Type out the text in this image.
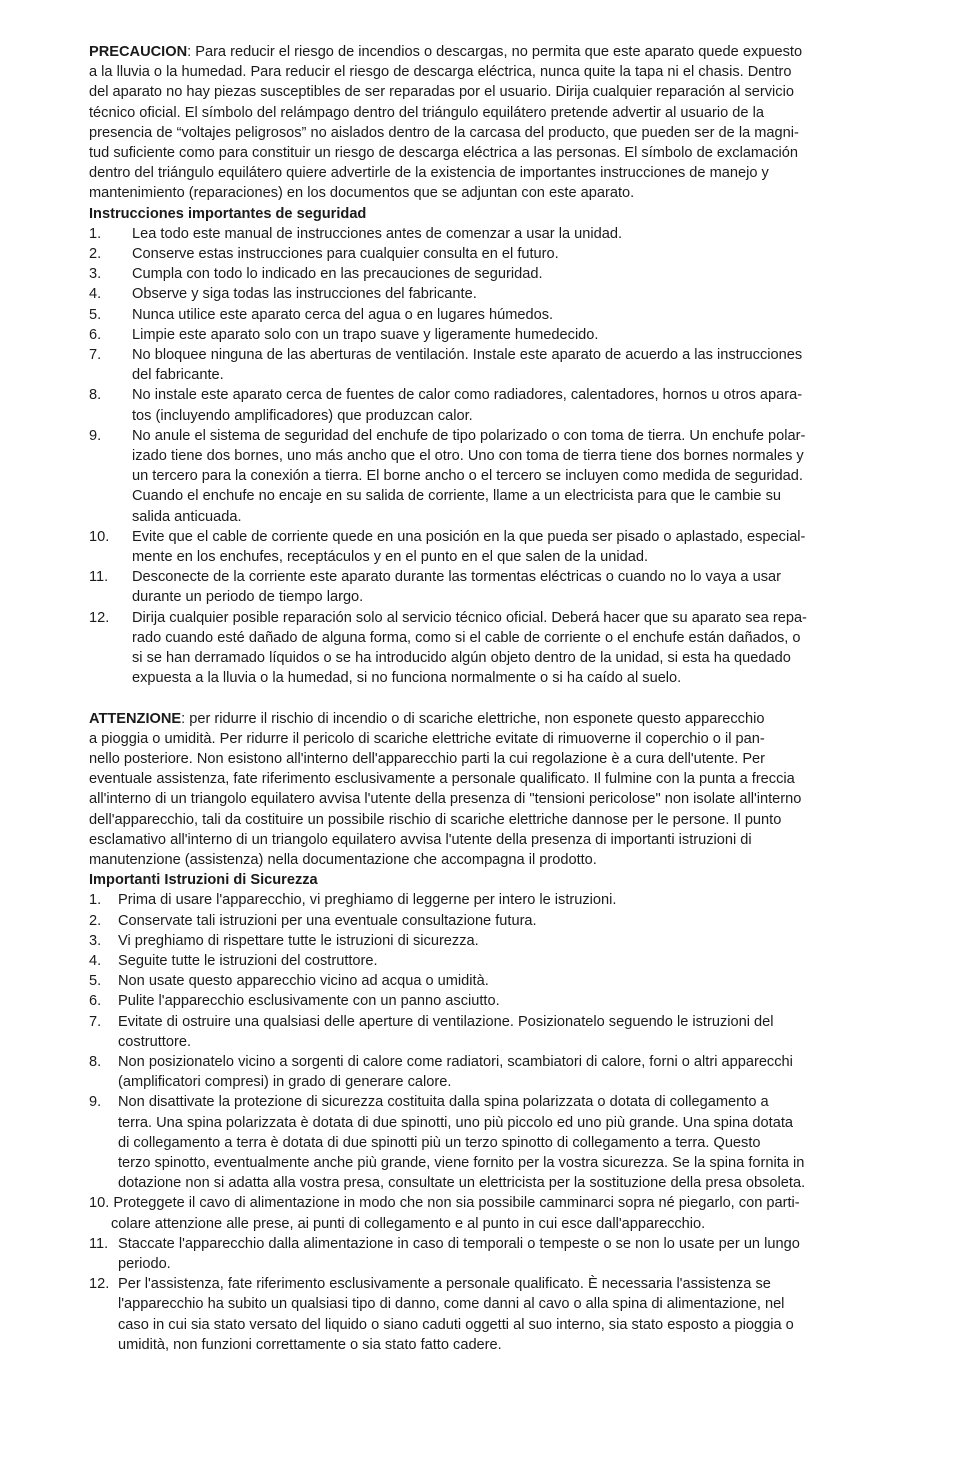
PRECAUCION: Para reducir el riesgo de incendios o descargas, no permita que este aparato quede expuesto
a la lluvia o la humedad. Para reducir el riesgo de descarga eléctrica, nunca quite la tapa ni el chasis. Dentro
del aparato no hay piezas susceptibles de ser reparadas por el usuario. Dirija cualquier reparación al servicio
técnico oficial. El símbolo del relámpago dentro del triángulo equilátero pretende advertir al usuario de la
presencia de “voltajes peligrosos” no aislados dentro de la carcasa del producto, que pueden ser de la magni-
tud suficiente como para constituir un riesgo de descarga eléctrica a las personas. El símbolo de exclamación
dentro del triángulo equilátero quiere advertirle de la existencia de importantes instrucciones de manejo y
mantenimiento (reparaciones) en los documentos que se adjuntan con este aparato.

Instrucciones importantes de seguridad

1. Lea todo este manual de instrucciones antes de comenzar a usar la unidad.
2. Conserve estas instrucciones para cualquier consulta en el futuro.
3. Cumpla con todo lo indicado en las precauciones de seguridad.
4. Observe y siga todas las instrucciones del fabricante.
5. Nunca utilice este aparato cerca del agua o en lugares húmedos.
6. Limpie este aparato solo con un trapo suave y ligeramente humedecido.
7. No bloquee ninguna de las aberturas de ventilación. Instale este aparato de acuerdo a las instrucciones
del fabricante.
8. No instale este aparato cerca de fuentes de calor como radiadores, calentadores, hornos u otros apara-
tos (incluyendo amplificadores) que produzcan calor.
9. No anule el sistema de seguridad del enchufe de tipo polarizado o con toma de tierra. Un enchufe polar-
izado tiene dos bornes, uno más ancho que el otro. Uno con toma de tierra tiene dos bornes normales y
un tercero para la conexión a tierra. El borne ancho o el tercero se incluyen como medida de seguridad.
Cuando el enchufe no encaje en su salida de corriente, llame a un electricista para que le cambie su
salida anticuada.
10. Evite que el cable de corriente quede en una posición en la que pueda ser pisado o aplastado, especial-
mente en los enchufes, receptáculos y en el punto en el que salen de la unidad.
11. Desconecte de la corriente este aparato durante las tormentas eléctricas o cuando no lo vaya a usar
durante un periodo de tiempo largo.
12. Dirija cualquier posible reparación solo al servicio técnico oficial. Deberá hacer que su aparato sea repa-
rado cuando esté dañado de alguna forma, como si el cable de corriente o el enchufe están dañados, o
si se han derramado líquidos o se ha introducido algún objeto dentro de la unidad, si esta ha quedado
expuesta a la lluvia o la humedad, si no funciona normalmente o si ha caído al suelo.

ATTENZIONE: per ridurre il rischio di incendio o di scariche elettriche, non esponete questo apparecchio
a pioggia o umidità. Per ridurre il pericolo di scariche elettriche evitate di rimuoverne il coperchio o il pan-
nello posteriore. Non esistono all'interno dell'apparecchio parti la cui regolazione è a cura dell'utente. Per
eventuale assistenza, fate riferimento esclusivamente a personale qualificato. Il fulmine con la punta a freccia
all'interno di un triangolo equilatero avvisa l'utente della presenza di "tensioni pericolose" non isolate all'interno
dell'apparecchio, tali da costituire un possibile rischio di scariche elettriche dannose per le persone. Il punto
esclamativo all'interno di un triangolo equilatero avvisa l'utente della presenza di importanti istruzioni di
manutenzione (assistenza) nella documentazione che accompagna il prodotto.

Importanti Istruzioni di Sicurezza

1. Prima di usare l'apparecchio, vi preghiamo di leggerne per intero le istruzioni.
2. Conservate tali istruzioni per una eventuale consultazione futura.
3. Vi preghiamo di rispettare tutte le istruzioni di sicurezza.
4. Seguite tutte le istruzioni del costruttore.
5. Non usate questo apparecchio vicino ad acqua o umidità.
6. Pulite l'apparecchio esclusivamente con un panno asciutto.
7. Evitate di ostruire una qualsiasi delle aperture di ventilazione. Posizionatelo seguendo le istruzioni del
costruttore.
8. Non posizionatelo vicino a sorgenti di calore come radiatori, scambiatori di calore, forni o altri apparecchi
(amplificatori compresi) in grado di generare calore.
9. Non disattivate la protezione di sicurezza costituita dalla spina polarizzata o dotata di collegamento a
terra. Una spina polarizzata è dotata di due spinotti, uno più piccolo ed uno più grande. Una spina dotata
di collegamento a terra è dotata di due spinotti più un terzo spinotto di collegamento a terra. Questo
terzo spinotto, eventualmente anche più grande, viene fornito per la vostra sicurezza. Se la spina fornita in
dotazione non si adatta alla vostra presa, consultate un elettricista per la sostituzione della presa obsoleta.
10. Proteggete il cavo di alimentazione in modo che non sia possibile camminarci sopra né piegarlo, con parti-
colare attenzione alle prese, ai punti di collegamento e al punto in cui esce dall'apparecchio.
11. Staccate l'apparecchio dalla alimentazione in caso di temporali o tempeste o se non lo usate per un lungo
periodo.
12. Per l'assistenza, fate riferimento esclusivamente a personale qualificato. È necessaria l'assistenza se
l'apparecchio ha subito un qualsiasi tipo di danno, come danni al cavo o alla spina di alimentazione, nel
caso in cui sia stato versato del liquido o siano caduti oggetti al suo interno, sia stato esposto a pioggia o
umidità, non funzioni correttamente o sia stato fatto cadere.
